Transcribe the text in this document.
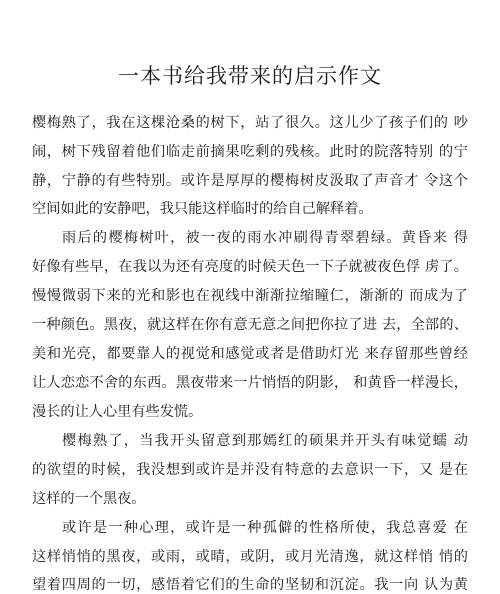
一本书给我带来的启示作文

樱梅熟了，我在这棵沧桑的树下，站了很久。这儿少了孩子们的 吵

闹，树下残留着他们临走前摘果吃剩的残核。此时的院落特别 的宁

静，宁静的有些特别。或许是厚厚的樱梅树皮汲取了声音才 令这个

空间如此的安静吧，我只能这样临时的给自己解释着。

雨后的樱梅树叶，被一夜的雨水冲刷得青翠碧绿。黄昏来 得

好像有些早，在我以为还有亮度的时候天色一下子就被夜色俘 虏了。

慢慢微弱下来的光和影也在视线中渐渐拉缩瞳仁，渐渐的 而成为了

一种颜色。黑夜，就这样在你有意无意之间把你拉了进 去，全部的、

美和光亮，都要靠人的视觉和感觉或者是借助灯光 来存留那些曾经

让人恋恋不舍的东西。黑夜带来一片悄悟的阴影， 和黄昏一样漫长，

漫长的让人心里有些发慌。

樱梅熟了，当我开头留意到那嫣红的硕果并开头有味觉蠕 动

的欲望的时候，我没想到或许是并没有特意的去意识一下，又 是在

这样的一个黑夜。

或许是一种心理，或许是一种孤僻的性格所使，我总喜爱 在

这样悄悄的黑夜，或雨，或晴，或阴，或月光清逸，就这样悄 悄的

望着四周的一切，感悟着它们的生命的坚韧和沉淀。我一向 认为黄
